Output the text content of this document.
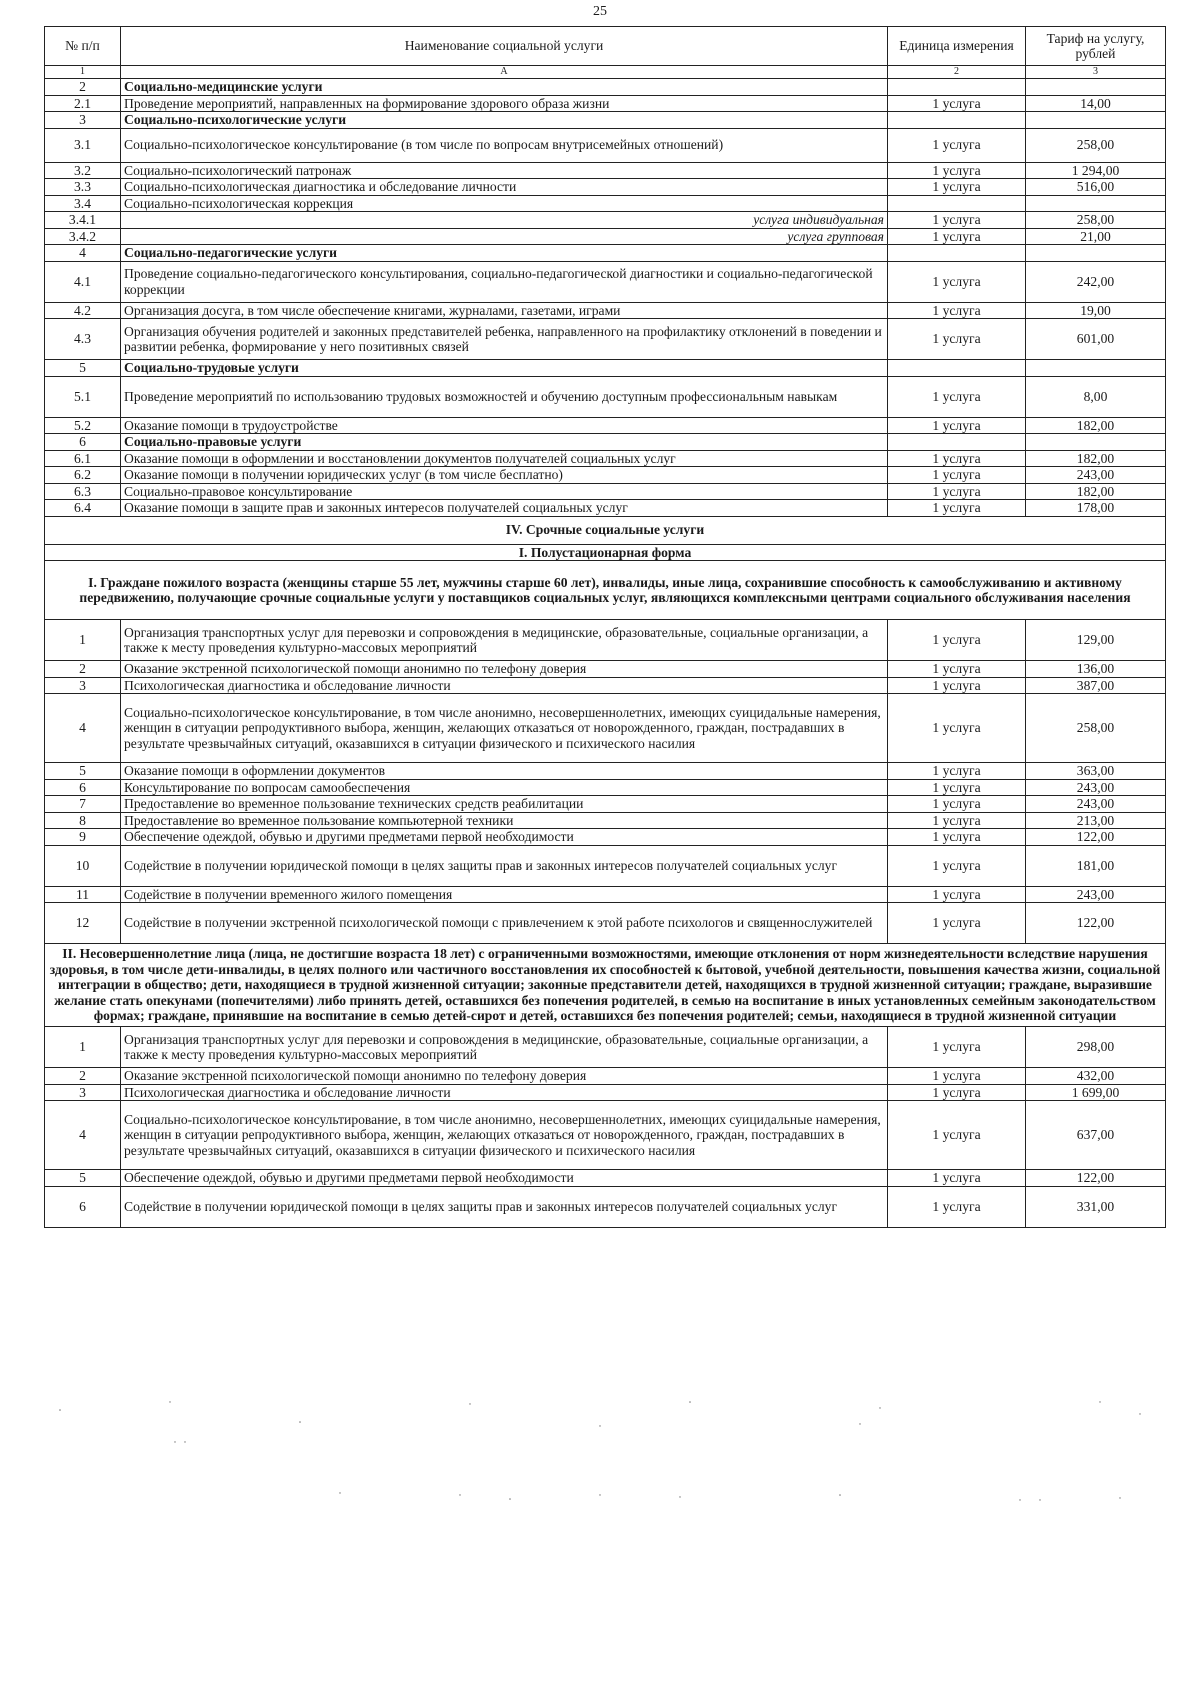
25
№ п/п	Наименование социальной услуги	Единица измерения	Тариф на услугу, рублей
1	А	2	3
2	Социально-медицинские услуги		
2.1	Проведение мероприятий, направленных на формирование здорового образа жизни	1 услуга	14,00
3	Социально-психологические услуги		
3.1	Социально-психологическое консультирование (в том числе по вопросам внутрисемейных отношений)	1 услуга	258,00
3.2	Социально-психологический патронаж	1 услуга	1 294,00
3.3	Социально-психологическая диагностика и обследование личности	1 услуга	516,00
3.4	Социально-психологическая коррекция		
3.4.1	услуга индивидуальная	1 услуга	258,00
3.4.2	услуга групповая	1 услуга	21,00
4	Социально-педагогические услуги		
4.1	Проведение социально-педагогического консультирования, социально-педагогической диагностики и социально-педагогической коррекции	1 услуга	242,00
4.2	Организация досуга, в том числе обеспечение книгами, журналами, газетами, играми	1 услуга	19,00
4.3	Организация обучения родителей и законных представителей ребенка, направленного на профилактику отклонений в поведении и развитии ребенка, формирование у него позитивных связей	1 услуга	601,00
5	Социально-трудовые услуги		
5.1	Проведение мероприятий по использованию трудовых возможностей и обучению доступным профессиональным навыкам	1 услуга	8,00
5.2	Оказание помощи в трудоустройстве	1 услуга	182,00
6	Социально-правовые услуги		
6.1	Оказание помощи в оформлении и восстановлении документов получателей социальных услуг	1 услуга	182,00
6.2	Оказание помощи в получении юридических услуг (в том числе бесплатно)	1 услуга	243,00
6.3	Социально-правовое консультирование	1 услуга	182,00
6.4	Оказание помощи в защите прав и законных интересов получателей социальных услуг	1 услуга	178,00
IV. Срочные социальные услуги			
I. Полустационарная форма			
I. Граждане пожилого возраста (женщины старше 55 лет, мужчины старше 60 лет), инвалиды, иные лица, сохранившие способность к самообслуживанию и активному передвижению, получающие срочные социальные услуги у поставщиков социальных услуг, являющихся комплексными центрами социального обслуживания населения			
1	Организация транспортных услуг для перевозки и сопровождения в медицинские, образовательные, социальные организации, а также к месту проведения культурно-массовых мероприятий	1 услуга	129,00
2	Оказание экстренной психологической помощи анонимно по телефону доверия	1 услуга	136,00
3	Психологическая диагностика и обследование личности	1 услуга	387,00
4	Социально-психологическое консультирование, в том числе анонимно, несовершеннолетних, имеющих суицидальные намерения, женщин в ситуации репродуктивного выбора, женщин, желающих отказаться от новорожденного, граждан, пострадавших в результате чрезвычайных ситуаций, оказавшихся в ситуации физического и психического насилия	1 услуга	258,00
5	Оказание помощи в оформлении документов	1 услуга	363,00
6	Консультирование по вопросам самообеспечения	1 услуга	243,00
7	Предоставление во временное пользование технических средств реабилитации	1 услуга	243,00
8	Предоставление во временное пользование компьютерной техники	1 услуга	213,00
9	Обеспечение одеждой, обувью и другими предметами первой необходимости	1 услуга	122,00
10	Содействие в получении юридической помощи в целях защиты прав и законных интересов получателей социальных услуг	1 услуга	181,00
11	Содействие в получении временного жилого помещения	1 услуга	243,00
12	Содействие в получении экстренной психологической помощи с привлечением к этой работе психологов и священнослужителей	1 услуга	122,00
II. Несовершеннолетние лица (лица, не достигшие возраста 18 лет) с ограниченными возможностями, имеющие отклонения от норм жизнедеятельности вследствие нарушения здоровья, в том числе дети-инвалиды, в целях полного или частичного восстановления их способностей к бытовой, учебной деятельности, повышения качества жизни, социальной интеграции в общество; дети, находящиеся в трудной жизненной ситуации; законные представители детей, находящихся в трудной жизненной ситуации; граждане, выразившие желание стать опекунами (попечителями) либо принять детей, оставшихся без попечения родителей, в семью на воспитание в иных установленных семейным законодательством формах; граждане, принявшие на воспитание в семью детей-сирот и детей, оставшихся без попечения родителей; семьи, находящиеся в трудной жизненной ситуации			
1	Организация транспортных услуг для перевозки и сопровождения в медицинские, образовательные, социальные организации, а также к месту проведения культурно-массовых мероприятий	1 услуга	298,00
2	Оказание экстренной психологической помощи анонимно по телефону доверия	1 услуга	432,00
3	Психологическая диагностика и обследование личности	1 услуга	1 699,00
4	Социально-психологическое консультирование, в том числе анонимно, несовершеннолетних, имеющих суицидальные намерения, женщин в ситуации репродуктивного выбора, женщин, желающих отказаться от новорожденного, граждан, пострадавших в результате чрезвычайных ситуаций, оказавшихся в ситуации физического и психического насилия	1 услуга	637,00
5	Обеспечение одеждой, обувью и другими предметами первой необходимости	1 услуга	122,00
6	Содействие в получении юридической помощи в целях защиты прав и законных интересов получателей социальных услуг	1 услуга	331,00
